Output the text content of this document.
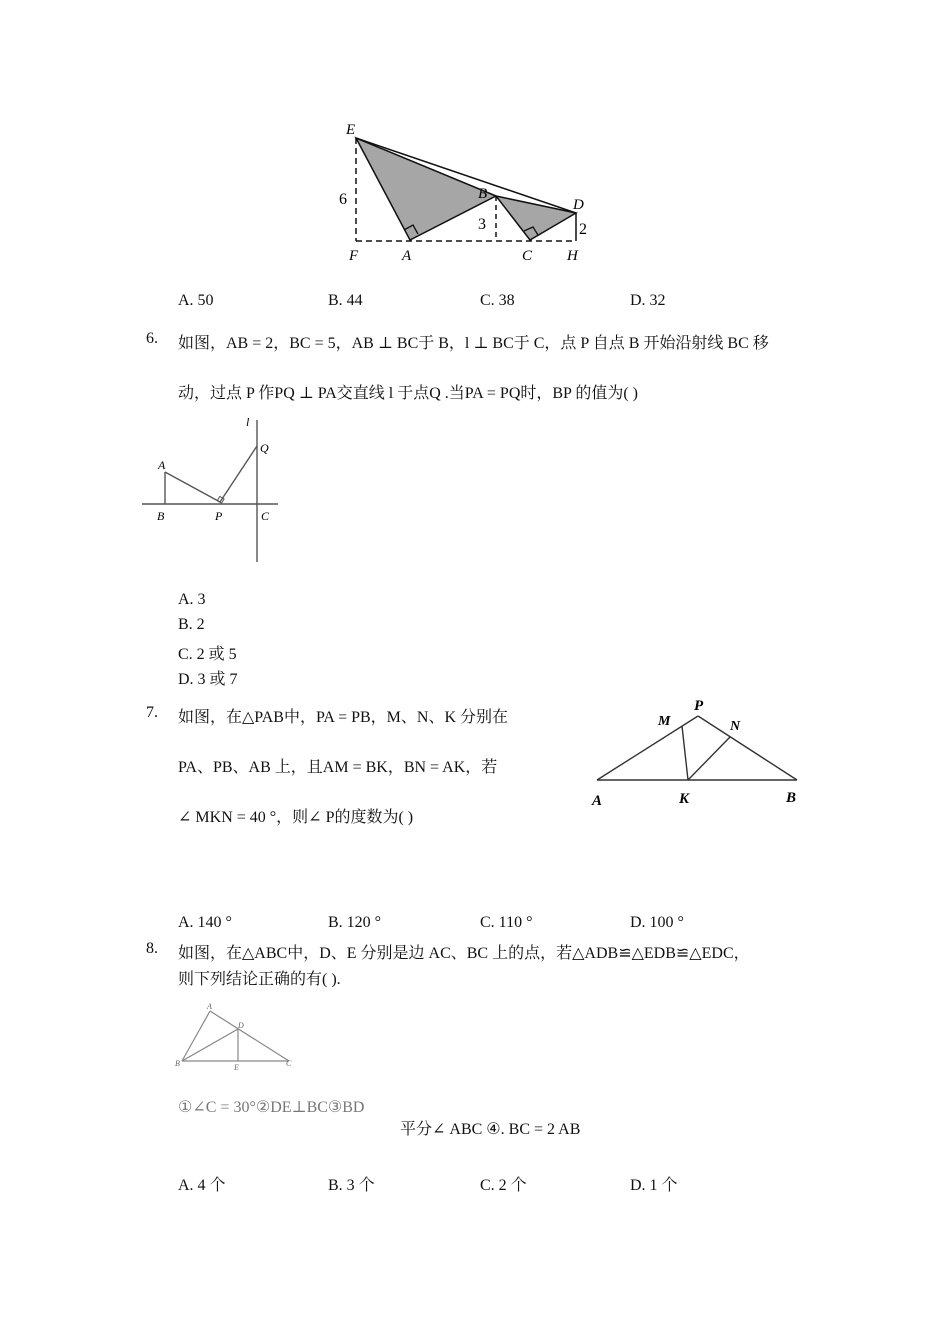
E
6	B
3
D
2
F	A	C H
A. 50	B. 44	C. 38	D. 32
6. 如图，AB = 2，BC = 5，AB ⊥ BC于 B，l ⊥ BC于 C，点 P 自点 B 开始沿射线 BC 移
动，过点 P 作PQ ⊥ PA交直线 l 于点Q .当PA = PQ时，BP 的值为( )
l
Q
A
B	P	C
A. 3
B. 2
C. 2 或 5
D. 3 或 7
7. 如图，在△PAB中，PA = PB，M、N、K 分别在
PA、PB、AB 上，且AM = BK，BN = AK，若
∠ MKN = 40 °，则∠ P的度数为( )
P
M	N
A	K	B
A. 140 °	B. 120 °	C. 110 °	D. 100 °
8. 如图，在△ABC中，D、E 分别是边 AC、BC 上的点，若△ADB≌△EDB≌△EDC，
则下列结论正确的有( ).
A
D
B	E	C
①∠C = 30°②DE⊥BC③BD
平分∠ ABC ④. BC = 2 AB
A. 4 个	B. 3 个	C. 2 个	D. 1 个
